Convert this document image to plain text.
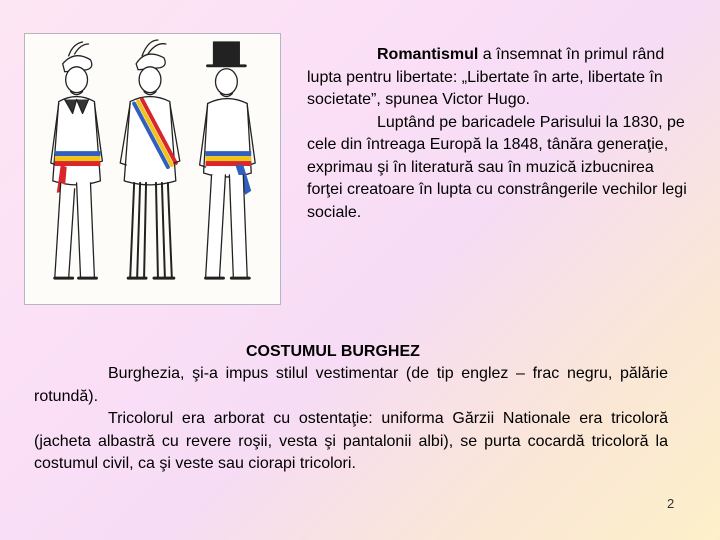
Romantismul a însemnat în primul rând lupta pentru libertate: „Libertate în arte, libertate în societate”, spunea Victor Hugo.

Luptând pe baricadele Parisului la 1830, pe cele din întreaga Europă la 1848, tânăra generaţie, exprimau şi în literatură sau în muzică izbucnirea forţei creatoare în lupta cu constrângerile vechilor legi sociale.

COSTUMUL BURGHEZ

Burghezia, şi-a impus stilul vestimentar (de tip englez – frac negru, pălărie rotundă).

Tricolorul era arborat cu ostentaţie: uniforma Gărzii Nationale era tricoloră (jacheta albastră cu revere roşii, vesta şi pantalonii albi), se purta cocardă tricoloră la costumul civil, ca şi veste sau ciorapi tricolori.

2
